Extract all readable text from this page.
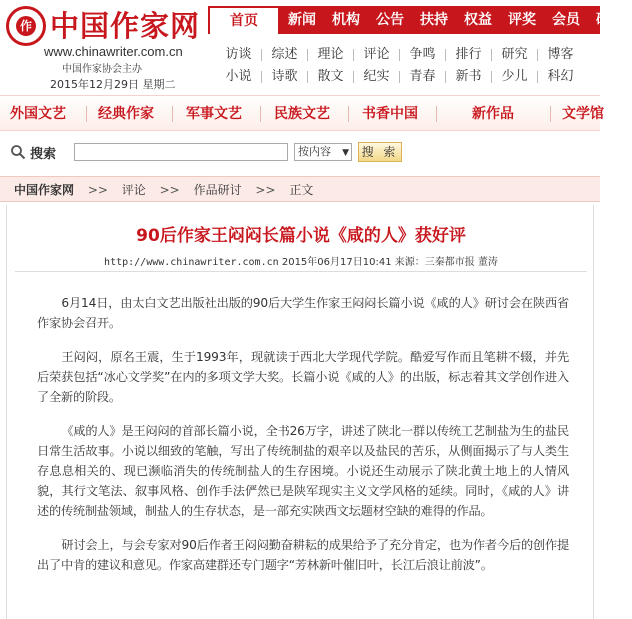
作 中国作家网
www.chinawriter.com.cn
中国作家协会主办
2015年12月29日 星期二
首页	新闻	机构	公告	扶持	权益	评奖	会员	研讨
访谈	综述	理论	评论	争鸣	排行	研究	博客
小说	诗歌	散文	纪实	青春	新书	少儿	科幻
外国文艺 经典作家 军事文艺 民族文艺 书香中国	新作品	文学馆
搜索	按内容 ▼ 搜 索
中国作家网 >> 评论 >> 作品研讨 >> 正文
90后作家王闷闷长篇小说《咸的人》获好评
http://www.chinawriter.com.cn 2015年06月17日10:41 来源：三秦都市报 董涛

6月14日，由太白文艺出版社出版的90后大学生作家王闷闷长篇小说《咸的人》研讨会在陕西省作家协会召开。

王闷闷，原名王震，生于1993年，现就读于西北大学现代学院。酷爱写作而且笔耕不辍，并先后荣获包括“冰心文学奖”在内的多项文学大奖。长篇小说《咸的人》的出版，标志着其文学创作进入了全新的阶段。

《咸的人》是王闷闷的首部长篇小说，全书26万字，讲述了陕北一群以传统工艺制盐为生的盐民日常生活故事。小说以细致的笔触，写出了传统制盐的艰辛以及盐民的苦乐，从侧面揭示了与人类生存息息相关的、现已濒临消失的传统制盐人的生存困境。小说还生动展示了陕北黄土地上的人情风貌，其行文笔法、叙事风格、创作手法俨然已是陕军现实主义文学风格的延续。同时，《咸的人》讲述的传统制盐领域，制盐人的生存状态，是一部充实陕西文坛题材空缺的难得的作品。

研讨会上，与会专家对90后作者王闷闷勤奋耕耘的成果给予了充分肯定，也为作者今后的创作提出了中肯的建议和意见。作家高建群还专门题字“芳林新叶催旧叶，长江后浪让前波”。
